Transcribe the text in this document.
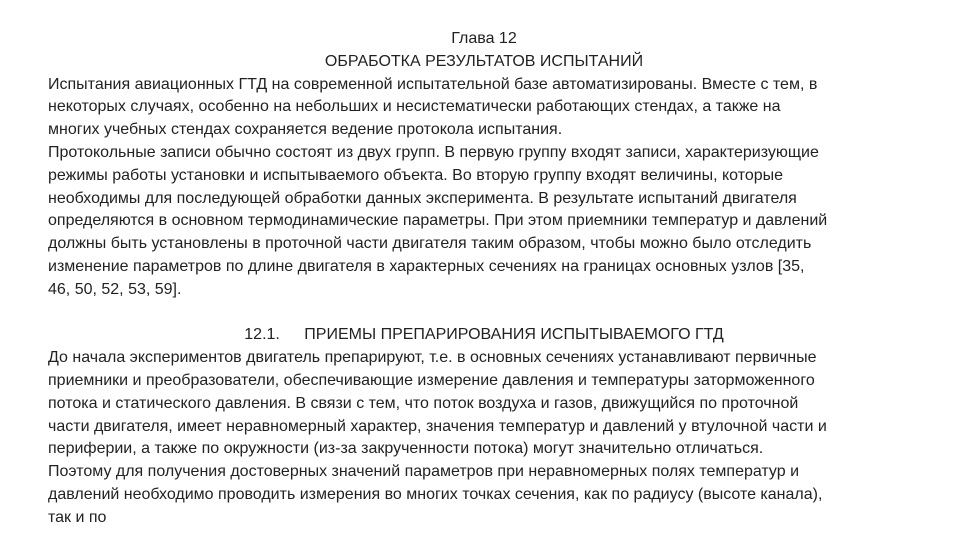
Глава 12

ОБРАБОТКА РЕЗУЛЬТАТОВ ИСПЫТАНИЙ

Испытания авиационных ГТД на современной испытательной базе автоматизированы. Вместе с тем, в
некоторых случаях, особенно на небольших и несистематически работающих стендах, а также на
многих учебных стендах сохраняется ведение протокола испытания.

Протокольные записи обычно состоят из двух групп. В первую группу входят записи, характеризующие
режимы работы установки и испытываемого объекта. Во вторую группу входят величины, которые
необходимы для последующей обработки данных эксперимента. В результате испытаний двигателя
определяются в основном термодинамические параметры. При этом приемники температур и давлений
должны быть установлены в проточной части двигателя таким образом, чтобы можно было отследить
изменение параметров по длине двигателя в характерных сечениях на границах основных узлов [35,
46, 50, 52, 53, 59].

12.1. ПРИЕМЫ ПРЕПАРИРОВАНИЯ ИСПЫТЫВАЕМОГО ГТД

До начала экспериментов двигатель препарируют, т.е. в основных сечениях устанавливают первичные
приемники и преобразователи, обеспечивающие измерение давления и температуры заторможенного
потока и статического давления. В связи с тем, что поток воздуха и газов, движущийся по проточной
части двигателя, имеет неравномерный характер, значения температур и давлений у втулочной части и
периферии, а также по окружности (из-за закрученности потока) могут значительно отличаться.

Поэтому для получения достоверных значений параметров при неравномерных полях температур и
давлений необходимо проводить измерения во многих точках сечения, как по радиусу (высоте канала),
так и по
